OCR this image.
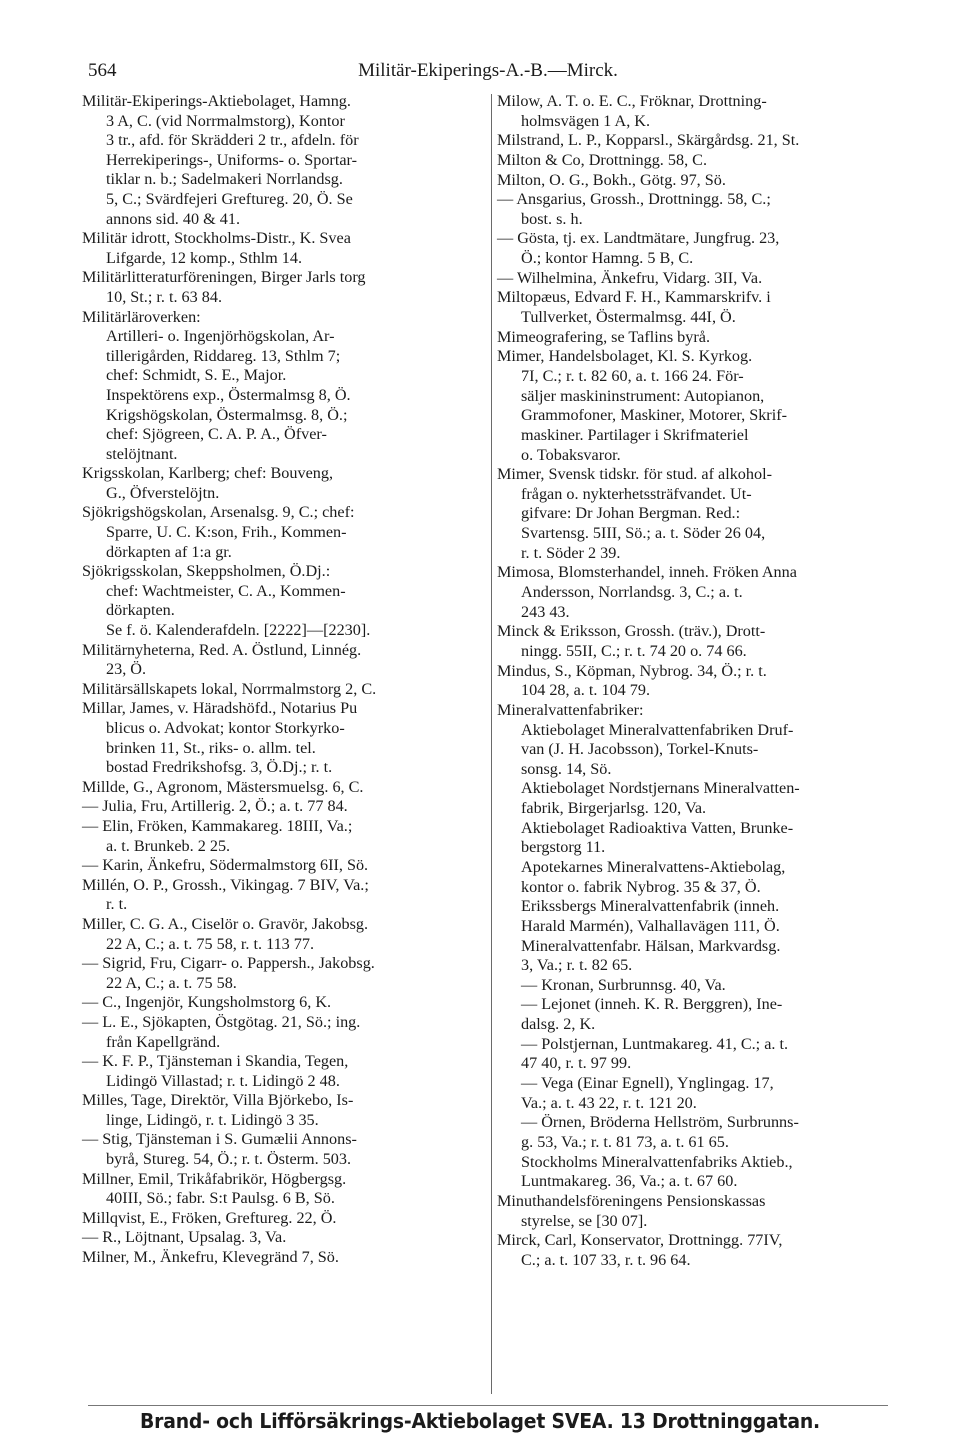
564	Militär-Ekiperings-A.-B.—Mirck.
Militär-Ekiperings-Aktiebolaget, Hamng.
3 A, C. (vid Norrmalmstorg), Kontor
3 tr., afd. för Skrädderi 2 tr., afdeln. för
Herrekiperings-, Uniforms- o. Sportar-
tiklar n. b.; Sadelmakeri Norrlandsg.
5, C.; Svärdfejeri Greftureg. 20, Ö. Se
annons sid. 40 & 41.
Militär idrott, Stockholms-Distr., K. Svea
Lifgarde, 12 komp., Sthlm 14.
Militärlitteraturföreningen, Birger Jarls torg
10, St.; r. t. 63 84.
Militärläroverken:
Artilleri- o. Ingenjörhögskolan, Ar-
tillerigården, Riddareg. 13, Sthlm 7;
chef: Schmidt, S. E., Major.
Inspektörens exp., Östermalmsg 8, Ö.
Krigshögskolan, Östermalmsg. 8, Ö.;
chef: Sjögreen, C. A. P. A., Öfver-
stelöjtnant.
Krigsskolan, Karlberg; chef: Bouveng,
G., Öfverstelöjtn.
Sjökrigshögskolan, Arsenalsg. 9, C.; chef:
Sparre, U. C. K:son, Frih., Kommen-
dörkapten af 1:a gr.
Sjökrigsskolan, Skeppsholmen, Ö.Dj.:
chef: Wachtmeister, C. A., Kommen-
dörkapten.
Se f. ö. Kalenderafdeln. [2222]—[2230].
Militärnyheterna, Red. A. Östlund, Linnég.
23, Ö.
Militärsällskapets lokal, Norrmalmstorg 2, C.
Millar, James, v. Häradshöfd., Notarius Pu
blicus o. Advokat; kontor Storkyrko-
brinken 11, St., riks- o. allm. tel.
bostad Fredrikshofsg. 3, Ö.Dj.; r. t.
Millde, G., Agronom, Mästersmuelsg. 6, C.
— Julia, Fru, Artillerig. 2, Ö.; a. t. 77 84.
— Elin, Fröken, Kammakareg. 18III, Va.;
a. t. Brunkeb. 2 25.
— Karin, Änkefru, Södermalmstorg 6II, Sö.
Millén, O. P., Grossh., Vikingag. 7 BIV, Va.;
r. t.
Miller, C. G. A., Ciselör o. Gravör, Jakobsg.
22 A, C.; a. t. 75 58, r. t. 113 77.
— Sigrid, Fru, Cigarr- o. Pappersh., Jakobsg.
22 A, C.; a. t. 75 58.
— C., Ingenjör, Kungsholmstorg 6, K.
— L. E., Sjökapten, Östgötag. 21, Sö.; ing.
från Kapellgränd.
— K. F. P., Tjänsteman i Skandia, Tegen,
Lidingö Villastad; r. t. Lidingö 2 48.
Milles, Tage, Direktör, Villa Björkebo, Is-
linge, Lidingö, r. t. Lidingö 3 35.
— Stig, Tjänsteman i S. Gumælii Annons-
byrå, Stureg. 54, Ö.; r. t. Österm. 503.
Millner, Emil, Trikåfabrikör, Högbergsg.
40III, Sö.; fabr. S:t Paulsg. 6 B, Sö.
Millqvist, E., Fröken, Greftureg. 22, Ö.
— R., Löjtnant, Upsalag. 3, Va.
Milner, M., Änkefru, Klevegränd 7, Sö.
Milow, A. T. o. E. C., Fröknar, Drottning-
holmsvägen 1 A, K.
Milstrand, L. P., Kopparsl., Skärgårdsg. 21, St.
Milton & Co, Drottningg. 58, C.
Milton, O. G., Bokh., Götg. 97, Sö.
— Ansgarius, Grossh., Drottningg. 58, C.;
bost. s. h.
— Gösta, tj. ex. Landtmätare, Jungfrug. 23,
Ö.; kontor Hamng. 5 B, C.
— Wilhelmina, Änkefru, Vidarg. 3II, Va.
Miltopæus, Edvard F. H., Kammarskrifv. i
Tullverket, Östermalmsg. 44I, Ö.
Mimeografering, se Taflins byrå.
Mimer, Handelsbolaget, Kl. S. Kyrkog.
7I, C.; r. t. 82 60, a. t. 166 24. För-
säljer maskininstrument: Autopianon,
Grammofoner, Maskiner, Motorer, Skrif-
maskiner. Partilager i Skrifmateriel
o. Tobaksvaror.
Mimer, Svensk tidskr. för stud. af alkohol-
frågan o. nykterhetssträfvandet. Ut-
gifvare: Dr Johan Bergman. Red.:
Svartensg. 5III, Sö.; a. t. Söder 26 04,
r. t. Söder 2 39.
Mimosa, Blomsterhandel, inneh. Fröken Anna
Andersson, Norrlandsg. 3, C.; a. t.
243 43.
Minck & Eriksson, Grossh. (träv.), Drott-
ningg. 55II, C.; r. t. 74 20 o. 74 66.
Mindus, S., Köpman, Nybrog. 34, Ö.; r. t.
104 28, a. t. 104 79.
Mineralvattenfabriker:
Aktiebolaget Mineralvattenfabriken Druf-
van (J. H. Jacobsson), Torkel-Knuts-
sonsg. 14, Sö.
Aktiebolaget Nordstjernans Mineralvatten-
fabrik, Birgerjarlsg. 120, Va.
Aktiebolaget Radioaktiva Vatten, Brunke-
bergstorg 11.
Apotekarnes Mineralvattens-Aktiebolag,
kontor o. fabrik Nybrog. 35 & 37, Ö.
Erikssbergs Mineralvattenfabrik (inneh.
Harald Marmén), Valhallavägen 111, Ö.
Mineralvattenfabr. Hälsan, Markvardsg.
3, Va.; r. t. 82 65.
— Kronan, Surbrunnsg. 40, Va.
— Lejonet (inneh. K. R. Berggren), Ine-
dalsg. 2, K.
— Polstjernan, Luntmakareg. 41, C.; a. t.
47 40, r. t. 97 99.
— Vega (Einar Egnell), Ynglingag. 17,
Va.; a. t. 43 22, r. t. 121 20.
— Örnen, Bröderna Hellström, Surbrunns-
g. 53, Va.; r. t. 81 73, a. t. 61 65.
Stockholms Mineralvattenfabriks Aktieb.,
Luntmakareg. 36, Va.; a. t. 67 60.
Minuthandelsföreningens Pensionskassas
styrelse, se [30 07].
Mirck, Carl, Konservator, Drottningg. 77IV,
C.; a. t. 107 33, r. t. 96 64.
Brand- och Lifförsäkrings-Aktiebolaget SVEA. 13 Drottninggatan.
